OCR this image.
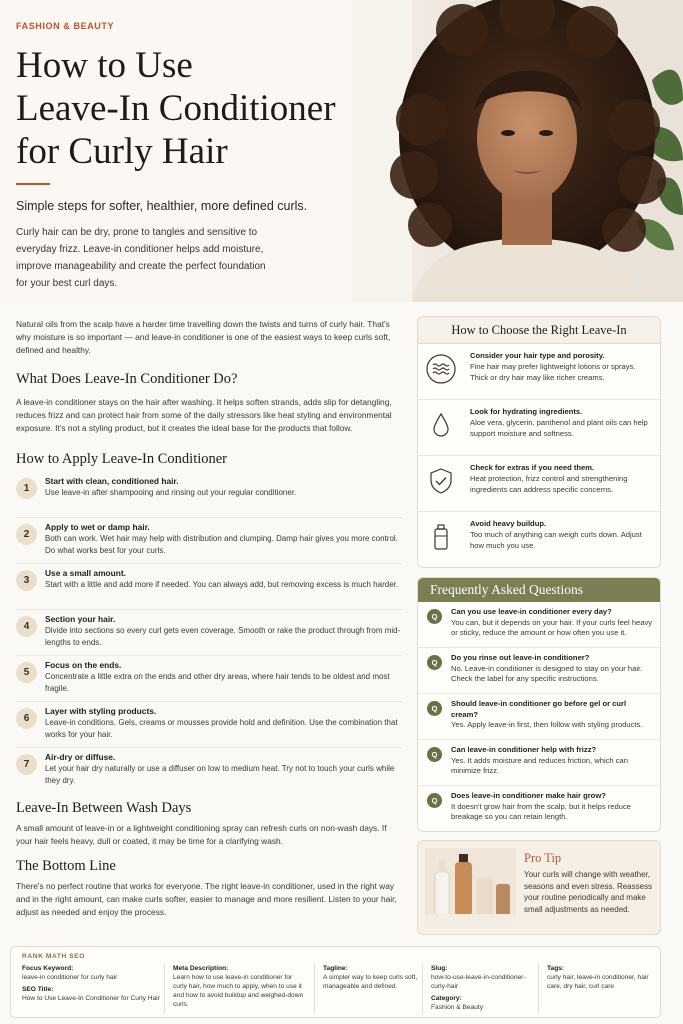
FASHION & BEAUTY
How to Use
Leave-In Conditioner
for Curly Hair
Simple steps for softer, healthier, more defined curls.
Curly hair can be dry, prone to tangles and sensitive to everyday frizz. Leave-in conditioner helps add moisture, improve manageability and create the perfect foundation for your best curl days.

Natural oils from the scalp have a harder time travelling down the twists and turns of curly hair. That's why moisture is so important — and leave-in conditioner is one of the easiest ways to keep curls soft, defined and healthy.

What Does Leave-In Conditioner Do?

A leave-in conditioner stays on the hair after washing. It helps soften strands, adds slip for detangling, reduces frizz and can protect hair from some of the daily stressors like heat styling and environmental exposure. It's not a styling product, but it creates the ideal base for the products that follow.

How to Apply Leave-In Conditioner
1
Start with clean, conditioned hair.
Use leave-in after shampooing and rinsing out your regular conditioner.
2
Apply to wet or damp hair.
Both can work. Wet hair may help with distribution and clumping. Damp hair gives you more control. Do what works best for your curls.
3
Use a small amount.
Start with a little and add more if needed. You can always add, but removing excess is much harder.
4
Section your hair.
Divide into sections so every curl gets even coverage. Smooth or rake the product through from mid-lengths to ends.
5
Focus on the ends.
Concentrate a little extra on the ends and other dry areas, where hair tends to be oldest and most fragile.
6
Layer with styling products.
Leave-in conditions. Gels, creams or mousses provide hold and definition. Use the combination that works for your hair.
7
Air-dry or diffuse.
Let your hair dry naturally or use a diffuser on low to medium heat. Try not to touch your curls while they dry.
Leave-In Between Wash Days

A small amount of leave-in or a lightweight conditioning spray can refresh curls on non-wash days. If your hair feels heavy, dull or coated, it may be time for a clarifying wash.

The Bottom Line

There's no perfect routine that works for everyone. The right leave-in conditioner, used in the right way and in the right amount, can make curls softer, easier to manage and more resilient. Listen to your hair, adjust as needed and enjoy the process.

How to Choose the Right Leave-In
Consider your hair type and porosity.
Fine hair may prefer lightweight lotions or sprays. Thick or dry hair may like richer creams.
Look for hydrating ingredients.
Aloe vera, glycerin, panthenol and plant oils can help support moisture and softness.
Check for extras if you need them.
Heat protection, frizz control and strengthening ingredients can address specific concerns.
Avoid heavy buildup.
Too much of anything can weigh curls down. Adjust how much you use.
Frequently Asked Questions
Q
Can you use leave-in conditioner every day?
You can, but it depends on your hair. If your curls feel heavy or sticky, reduce the amount or how often you use it.
Q
Do you rinse out leave-in conditioner?
No. Leave-in conditioner is designed to stay on your hair. Check the label for any specific instructions.
Q
Should leave-in conditioner go before gel or curl cream?
Yes. Apply leave-in first, then follow with styling products.
Q
Can leave-in conditioner help with frizz?
Yes. It adds moisture and reduces friction, which can minimize frizz.
Q
Does leave-in conditioner make hair grow?
It doesn't grow hair from the scalp, but it helps reduce breakage so you can retain length.
Pro Tip
Your curls will change with weather, seasons and even stress. Reassess your routine periodically and make small adjustments as needed.
RANK MATH SEO
Focus Keyword:
leave-in conditioner for curly hair
SEO Title:
How to Use Leave-In Conditioner for Curly Hair
Meta Description:
Learn how to use leave-in conditioner for curly hair, how much to apply, when to use it and how to avoid buildup and weighed-down curls.
Tagline:
A simpler way to keep curls soft, manageable and defined.
Slug:
how-to-use-leave-in-conditioner-curly-hair
Category:
Fashion & Beauty
Tags:
curly hair, leave-in conditioner, hair care, dry hair, curl care
